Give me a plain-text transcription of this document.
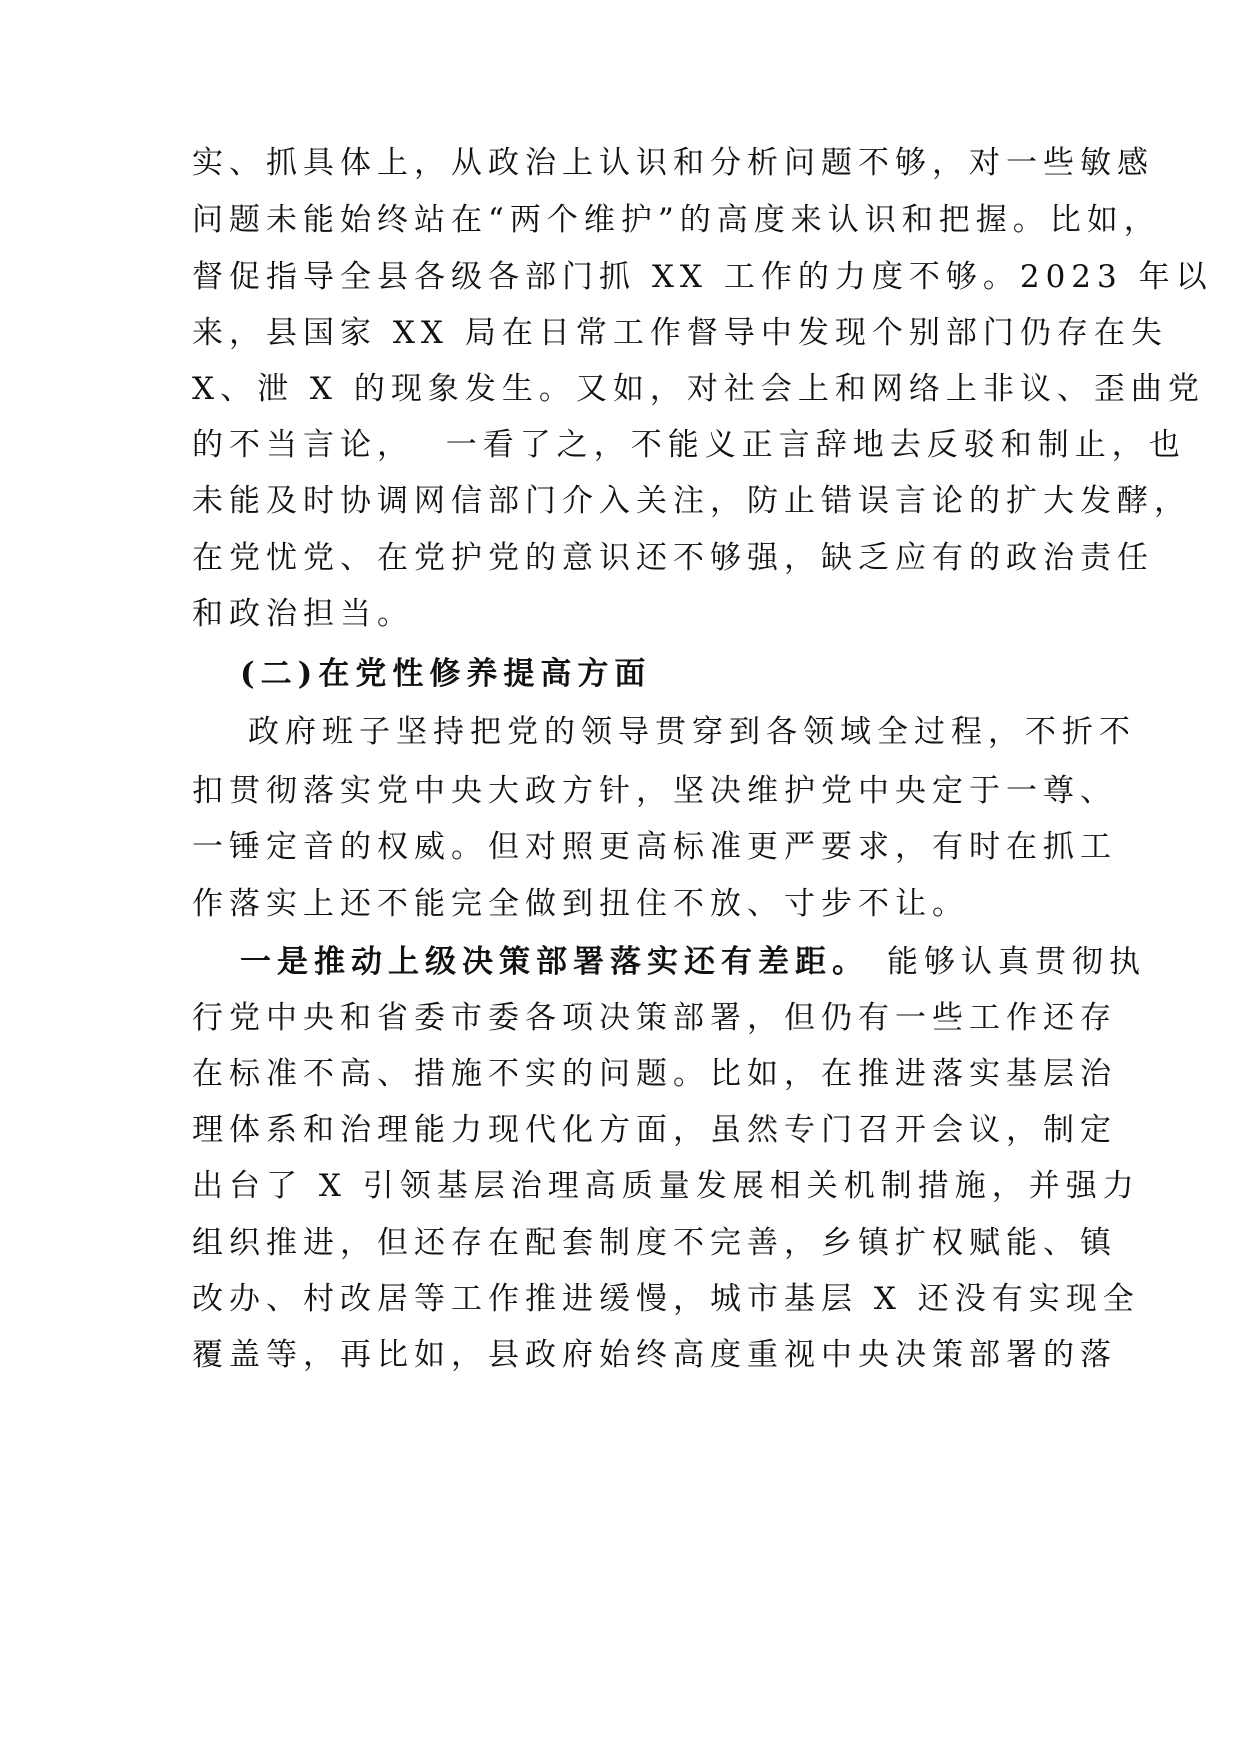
实、抓具体上，从政治上认识和分析问题不够，对一些敏感
问题未能始终站在“两个维护”的高度来认识和把握。比如，
督促指导全县各级各部门抓 XX 工作的力度不够。2023 年以
来，县国家 XX 局在日常工作督导中发现个别部门仍存在失
X、泄 X 的现象发生。又如，对社会上和网络上非议、歪曲党
的不当言论，  一看了之，不能义正言辞地去反驳和制止，也
未能及时协调网信部门介入关注，防止错误言论的扩大发酵，
在党忧党、在党护党的意识还不够强，缺乏应有的政治责任
和政治担当。
(二)在党性修养提高方面
政府班子坚持把党的领导贯穿到各领域全过程，不折不
扣贯彻落实党中央大政方针，坚决维护党中央定于一尊、
一锤定音的权威。但对照更高标准更严要求，有时在抓工
作落实上还不能完全做到扭住不放、寸步不让。
一是推动上级决策部署落实还有差距。 能够认真贯彻执
行党中央和省委市委各项决策部署，但仍有一些工作还存
在标准不高、措施不实的问题。比如，在推进落实基层治
理体系和治理能力现代化方面，虽然专门召开会议，制定
出台了 X 引领基层治理高质量发展相关机制措施，并强力
组织推进，但还存在配套制度不完善，乡镇扩权赋能、镇
改办、村改居等工作推进缓慢，城市基层 X 还没有实现全
覆盖等，再比如，县政府始终高度重视中央决策部署的落
